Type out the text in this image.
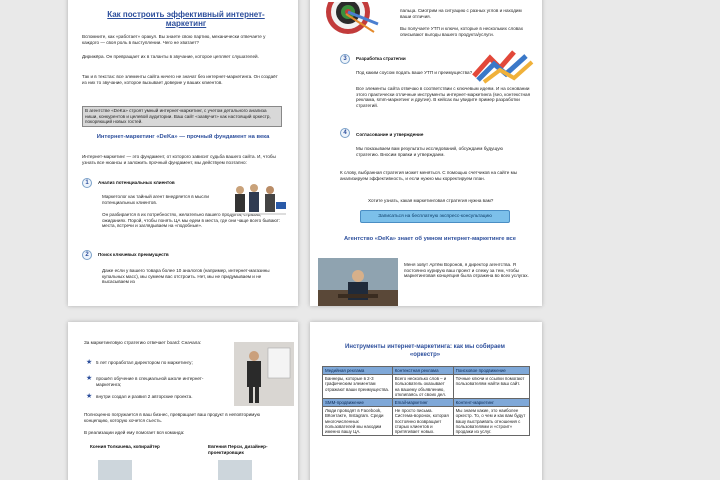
Как построить эффективный интернет-маркетинг
Вспомните, как «работает» оракул. Вы знаете свою партию, механически отвечаете у каждого — своя роль в выступлении. Чего не хватает?
Дирижёра. Он превращает их в таланты в звучание, которое цепляет слушателей.
Так и в текстах: все элементы сайта ничего не значат без интернет-маркетинга. Он создаёт из них то звучание, которое вызывает доверие у ваших клиентов.
В агентстве «DeKa» строят умный интернет-маркетинг, с учетом детального анализа ниши, конкурентов и целевой аудитории. Ваш сайт «зазвучит» как настоящий оркестр, покоряющий новых гостей.
Интернет-маркетинг «DeKa» — прочный фундамент на века
Интернет-маркетинг — это фундамент, от которого зависит судьба вашего сайта. И, чтобы узнать все нюансы и заложить прочный фундамент, мы действуем поэтапно:
1	Анализ потенциальных клиентов
Маркетолог как тайный агент внедряется в мысли потенциальных клиентов.
Он разбирается в их потребностях, желательно вашего продукта, страхах, ожиданиях. Порой, чтобы понять ЦА мы едем в места, где они чаще всего бывают: места, встречи и заглядываем на «подобные».
2	Поиск ключевых преимуществ
Даже если у вашего товара более 10 аналогов (например, интернет-магазины купальных масс), мы сумеем вас отстроить. Нет, мы не придумываем и не высасываем из
пальца. Смотрим на ситуацию с разных углов и находим ваши отличия.
Вы получаете УТП и ключи, которые в нескольких словах описывают выгоды вашего продукта/услуги.
3	Разработка стратегии
Под каким соусом подать ваше УТП и преимущества?
Все элементы сайта отвечаю в соответствии с ключевым идеям. И на основании этого практически отличные инструменты интернет-маркетинга (seo, контекстная реклама, smm-маркетинг и другие). В кейсах вы увидите пример разработки стратегий.
4	Согласование и утверждение
Мы показываем вам результаты исследований, обсуждаем будущую стратегию. Вносим правки и утверждаем.
К слову, выбранная стратегия может меняться. С помощью счетчиков на сайте мы анализируем эффективность, и если нужно мы корректируем план.
Хотите узнать, какая маркетинговая стратегия нужна вам?
Записаться на бесплатную экспресс-консультацию
Агентство «DeKa» знает об умном интернет-маркетинге все
Меня зовут Артём Воронов, я директор агентства. Я постоянно курирую ваш проект и слежу за тем, чтобы маркетинговая концепция была отражена во всех услугах.
За маркетинговую стратегию отвечает board: Сначала:
★ 5 лет проработал директором по маркетингу;
★ прошёл обучение в специальной школе интернет-маркетинга;
★ внутри создал и развил 2 авторские проекта.
Полноценно погружается в ваш бизнес, превращает ваш продукт в неповторимую концепцию, которую хочется съесть.
В реализации идей ему помогает вся команда:
Ксения Толкачева, копирайтер	Евгения Перси, дизайнер-проектировщик
Инструменты интернет-маркетинга: как мы собираем «оркестр»
Медийная реклама	Контекстная реклама	Поисковое продвижение
Баннеры, которые в 2-3 графическим элементам отражают ваши преимущества.	Всего несколько слов – и пользователь оказывает на вашему объявлению, отклипаясь от своих дел.	Точные ключи и ссылки помогают пользователям найти ваш сайт.
SMM-продвижение	Email-маркетинг	Контент-маркетинг
Люди проводят в Facebook, ВКонтакте, Instagram. Среди многочисленных пользователей мы находим именно вашу ЦА.	Не просто письма. Система-воронок, которая постоянно возвращает старых клиентов и притягивает новых.	Мы знаем какие, это наиболее оркестр. То, о чем и как вам будут вашу выстраивать отношения с пользователями и «строит» продажи из услуг.
